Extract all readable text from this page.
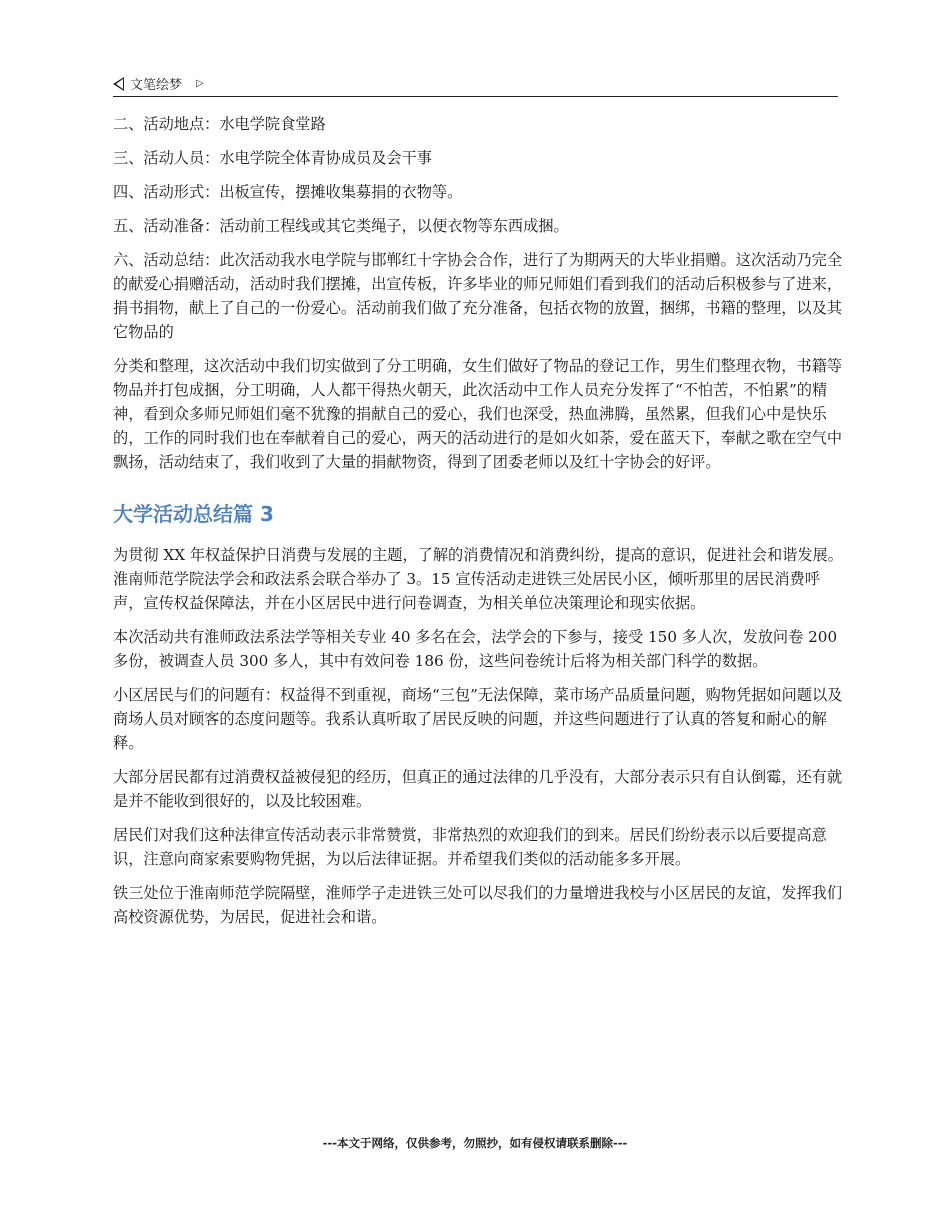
文笔绘梦 ▷

二、活动地点：水电学院食堂路

三、活动人员：水电学院全体青协成员及会干事

四、活动形式：出板宣传，摆摊收集募捐的衣物等。

五、活动准备：活动前工程线或其它类绳子，以便衣物等东西成捆。

六、活动总结：此次活动我水电学院与邯郸红十字协会合作，进行了为期两天的大毕业捐赠。这次活动乃完全的献爱心捐赠活动，活动时我们摆摊，出宣传板，许多毕业的师兄师姐们看到我们的活动后积极参与了进来，捐书捐物，献上了自己的一份爱心。活动前我们做了充分准备，包括衣物的放置，捆绑，书籍的整理，以及其它物品的

分类和整理，这次活动中我们切实做到了分工明确，女生们做好了物品的登记工作，男生们整理衣物，书籍等物品并打包成捆，分工明确，人人都干得热火朝天，此次活动中工作人员充分发挥了“不怕苦，不怕累”的精神，看到众多师兄师姐们毫不犹豫的捐献自己的爱心，我们也深受，热血沸腾，虽然累，但我们心中是快乐的，工作的同时我们也在奉献着自己的爱心，两天的活动进行的是如火如荼，爱在蓝天下，奉献之歌在空气中飘扬，活动结束了，我们收到了大量的捐献物资，得到了团委老师以及红十字协会的好评。

大学活动总结篇 3

为贯彻 XX 年权益保护日消费与发展的主题，了解的消费情况和消费纠纷，提高的意识，促进社会和谐发展。淮南师范学院法学会和政法系会联合举办了 3。15 宣传活动走进铁三处居民小区，倾听那里的居民消费呼声，宣传权益保障法，并在小区居民中进行问卷调查，为相关单位决策理论和现实依据。

本次活动共有淮师政法系法学等相关专业 40 多名在会，法学会的下参与，接受 150 多人次，发放问卷 200 多份，被调查人员 300 多人，其中有效问卷 186 份，这些问卷统计后将为相关部门科学的数据。

小区居民与们的问题有：权益得不到重视，商场“三包”无法保障，菜市场产品质量问题，购物凭据如问题以及商场人员对顾客的态度问题等。我系认真听取了居民反映的问题，并这些问题进行了认真的答复和耐心的解释。

大部分居民都有过消费权益被侵犯的经历，但真正的通过法律的几乎没有，大部分表示只有自认倒霉，还有就是并不能收到很好的，以及比较困难。

居民们对我们这种法律宣传活动表示非常赞赏，非常热烈的欢迎我们的到来。居民们纷纷表示以后要提高意识，注意向商家索要购物凭据，为以后法律证据。并希望我们类似的活动能多多开展。

铁三处位于淮南师范学院隔壁，淮师学子走进铁三处可以尽我们的力量增进我校与小区居民的友谊，发挥我们高校资源优势，为居民，促进社会和谐。

---本文于网络，仅供参考，勿照抄，如有侵权请联系删除---
